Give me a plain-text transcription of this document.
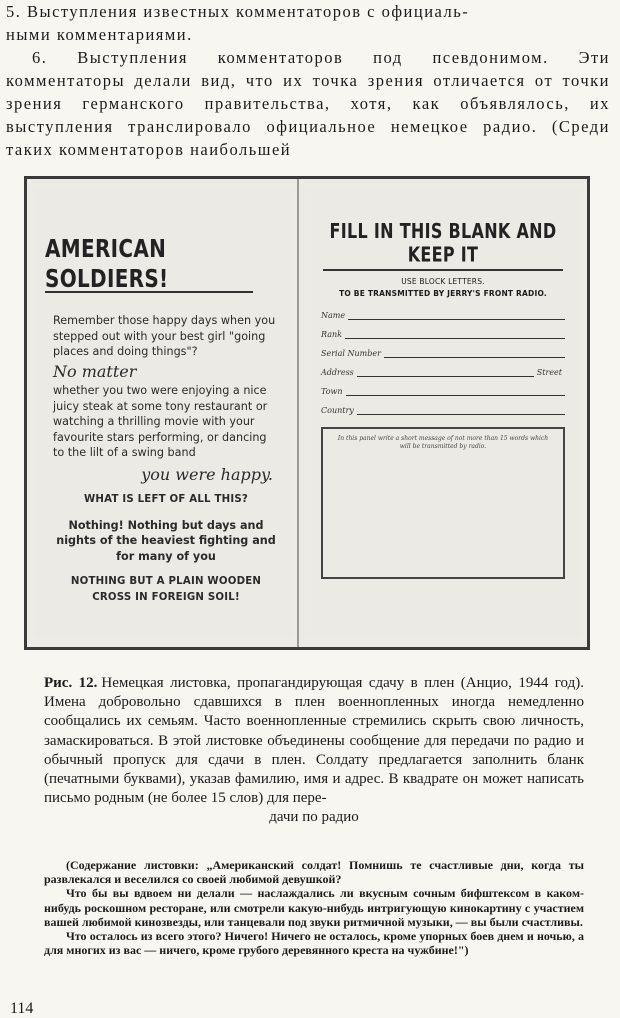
5. Выступления известных комментаторов с официаль-

ными комментариями.

6. Выступления комментаторов под псевдонимом. Эти комментаторы делали вид, что их точка зрения отличается от точки зрения германского правительства, хотя, как объявлялось, их выступления транслировало официальное немецкое радио. (Среди таких комментаторов наибольшей

AMERICAN SOLDIERS!

Remember those happy days when you stepped out with your best girl "going places and doing things"?

No matter

whether you two were enjoying a nice juicy steak at some tony restaurant or watching a thrilling movie with your favourite stars performing, or dancing to the lilt of a swing band

you were happy.

WHAT IS LEFT OF ALL THIS?

Nothing! Nothing but days and nights of the heaviest fighting and for many of you

NOTHING BUT A PLAIN WOODEN CROSS IN FOREIGN SOIL!

FILL IN THIS BLANK AND KEEP IT
USE BLOCK LETTERS.
TO BE TRANSMITTED BY JERRY'S FRONT RADIO.
Name
Rank
Serial Number
Address	Street
Town
Country
In this panel write a short message of not more than 15 words which will be transmitted by radio.

Рис. 12. Немецкая листовка, пропагандирующая сдачу в плен (Анцио, 1944 год). Имена добровольно сдавшихся в плен военнопленных иногда немедленно сообщались их семьям. Часто военнопленные стремились скрыть свою личность, замаскироваться. В этой листовке объединены сообщение для передачи по радио и обычный пропуск для сдачи в плен. Солдату предлагается заполнить бланк (печатными буквами), указав фамилию, имя и адрес. В квадрате он может написать письмо родным (не более 15 слов) для пере-

дачи по радио

(Содержание листовки: „Американский солдат! Помнишь те счастливые дни, когда ты развлекался и веселился со своей любимой девушкой?

Что бы вы вдвоем ни делали — наслаждались ли вкусным сочным бифштексом в каком-нибудь роскошном ресторане, или смотрели какую-нибудь интригующую кинокартину с участием вашей любимой кинозвезды, или танцевали под звуки ритмичной музыки, — вы были счастливы.

Что осталось из всего этого? Ничего! Ничего не осталось, кроме упорных боев днем и ночью, а для многих из вас — ничего, кроме грубого деревянного креста на чужбине!")

114
